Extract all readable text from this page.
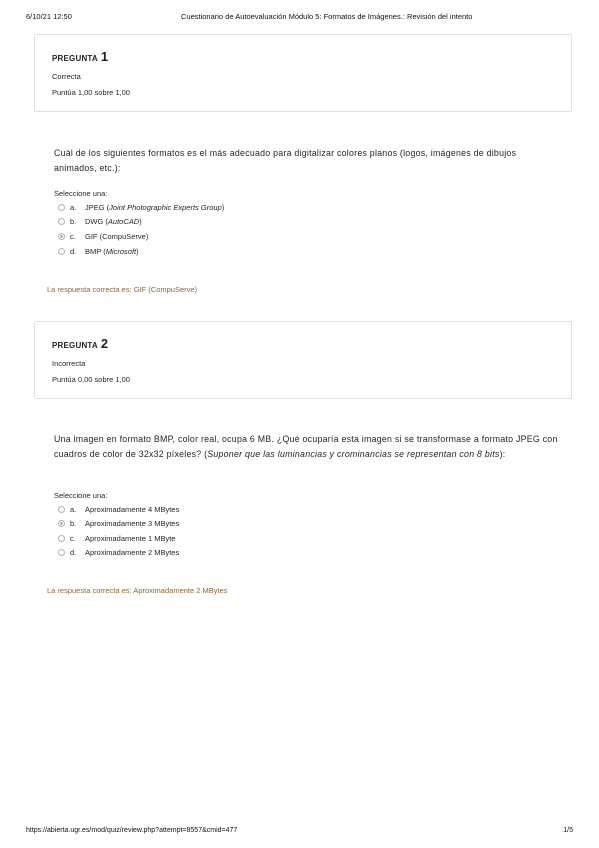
6/10/21 12:50	Cuestionario de Autoevaluación Módulo 5: Formatos de Imágenes.: Revisión del intento
PREGUNTA 1
Correcta
Puntúa 1,00 sobre 1,00
Cuál de los siguientes formatos es el más adecuado para digitalizar colores planos (logos, imágenes de dibujos animados, etc.):
Seleccione una:
a.	JPEG (Joint Photographic Experts Group)
b.	DWG (AutoCAD)
c.	GIF (CompuServe)
d.	BMP (Microsoft)
La respuesta correcta es: GIF (CompuServe)
PREGUNTA 2
Incorrecta
Puntúa 0,00 sobre 1,00
Una imagen en formato BMP, color real, ocupa 6 MB. ¿Qué ocuparía esta imagen si se transformase a formato JPEG con cuadros de color de 32x32 píxeles? (Suponer que las luminancias y crominancias se representan con 8 bits):
Seleccione una:
a.	Aproximadamente 4 MBytes
b.	Aproximadamente 3 MBytes
c.	Aproximadamente 1 MByte
d.	Aproximadamente 2 MBytes
La respuesta correcta es: Aproximadamente 2 MBytes
https://abierta.ugr.es/mod/quiz/review.php?attempt=8557&cmid=477	1/5
